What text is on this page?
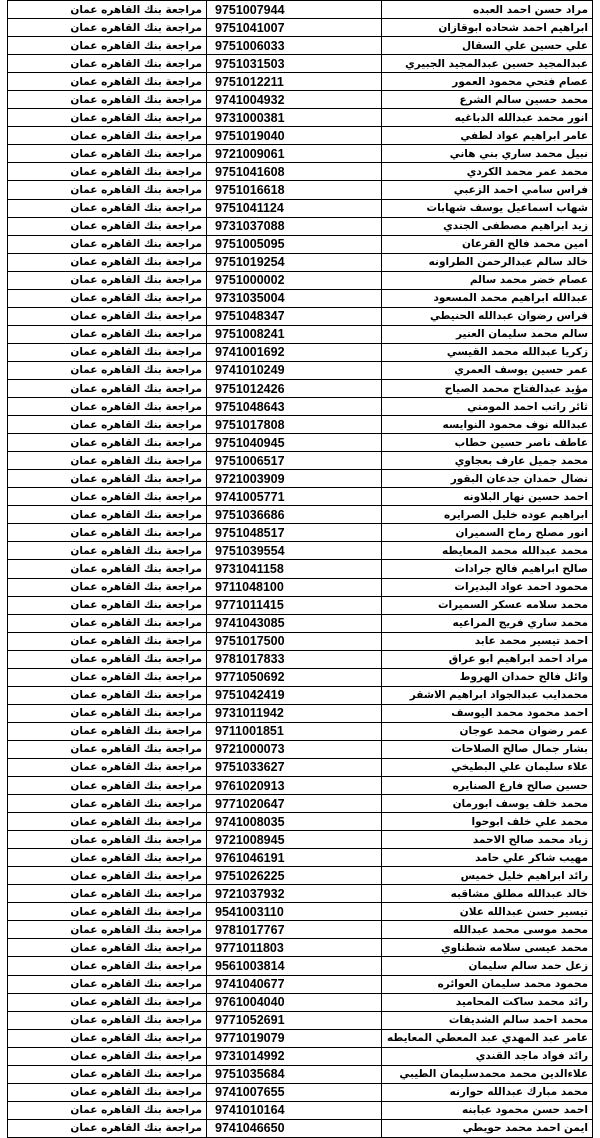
مراجعة بنك القاهره عمان	9751007944	مراد حسن احمد العبده
مراجعة بنك القاهره عمان	9751041007	ابراهيم احمد شحاده ابوقازان
مراجعة بنك القاهره عمان	9751006033	علي حسين علي السقال
مراجعة بنك القاهره عمان	9751031503	عبدالمجيد حسين عبدالمجيد الجبيري
مراجعة بنك القاهره عمان	9751012211	عصام فتحي محمود العمور
مراجعة بنك القاهره عمان	9741004932	محمد حسين سالم الشرع
مراجعة بنك القاهره عمان	9731000381	انور محمد عبدالله الدباغيه
مراجعة بنك القاهره عمان	9751019040	عامر ابراهيم عواد لطفي
مراجعة بنك القاهره عمان	9721009061	نبيل محمد ساري بني هاني
مراجعة بنك القاهره عمان	9751041608	محمد عمر محمد الكردي
مراجعة بنك القاهره عمان	9751016618	فراس سامي احمد الزعبي
مراجعة بنك القاهره عمان	9751041124	شهاب اسماعيل يوسف شهابات
مراجعة بنك القاهره عمان	9731037088	زيد ابراهيم مصطفى الجندي
مراجعة بنك القاهره عمان	9751005095	امين محمد فالح القرعان
مراجعة بنك القاهره عمان	9751019254	خالد سالم عبدالرحمن الطراونه
مراجعة بنك القاهره عمان	9751000002	عصام خضر محمد سالم
مراجعة بنك القاهره عمان	9731035004	عبدالله ابراهيم محمد المسعود
مراجعة بنك القاهره عمان	9751048347	فراس رضوان عبدالله الحنيطي
مراجعة بنك القاهره عمان	9751008241	سالم محمد سليمان العنير
مراجعة بنك القاهره عمان	9741001692	زكريا عبدالله محمد القيسي
مراجعة بنك القاهره عمان	9741010249	عمر حسين يوسف العمري
مراجعة بنك القاهره عمان	9751012426	مؤيد عبدالفتاح محمد الصياح
مراجعة بنك القاهره عمان	9751048643	ثائر راتب احمد المومني
مراجعة بنك القاهره عمان	9751017808	عبدالله نوف محمود النوايسه
مراجعة بنك القاهره عمان	9751040945	عاطف ناصر حسين حطاب
مراجعة بنك القاهره عمان	9751006517	محمد جميل عارف بعجاوي
مراجعة بنك القاهره عمان	9721003909	نضال حمدان جدعان البقور
مراجعة بنك القاهره عمان	9741005771	احمد حسين نهار البلاونه
مراجعة بنك القاهره عمان	9751036686	ابراهيم عوده خليل الصرايره
مراجعة بنك القاهره عمان	9751048517	انور مصلح رماح السميران
مراجعة بنك القاهره عمان	9751039554	محمد عبدالله محمد المعايطه
مراجعة بنك القاهره عمان	9731041158	صالح ابراهيم فالح جرادات
مراجعة بنك القاهره عمان	9711048100	محمود احمد عواد البديرات
مراجعة بنك القاهره عمان	9771011415	محمد سلامه عسكر السميرات
مراجعة بنك القاهره عمان	9741043085	محمد ساري فريج المراعيه
مراجعة بنك القاهره عمان	9751017500	احمد تيسير محمد عابد
مراجعة بنك القاهره عمان	9781017833	مراد احمد ابراهيم ابو عراق
مراجعة بنك القاهره عمان	9771050692	وائل فالح حمدان الهروط
مراجعة بنك القاهره عمان	9751042419	محمدايب عبدالجواد ابراهيم الاشقر
مراجعة بنك القاهره عمان	9731011942	احمد محمود محمد اليوسف
مراجعة بنك القاهره عمان	9711001851	عمر رضوان محمد عوجان
مراجعة بنك القاهره عمان	9721000073	بشار جمال صالح الصلاحات
مراجعة بنك القاهره عمان	9751033627	علاء سليمان علي البطيخي
مراجعة بنك القاهره عمان	9761020913	حسين صالح فارع الصنايره
مراجعة بنك القاهره عمان	9771020647	محمد خلف يوسف ابورمان
مراجعة بنك القاهره عمان	9741008035	محمد علي خلف ابوحوا
مراجعة بنك القاهره عمان	9721008945	زياد محمد صالح الاحمد
مراجعة بنك القاهره عمان	9761046191	مهيب شاكر علي حامد
مراجعة بنك القاهره عمان	9751026225	رائد ابراهيم خليل خميس
مراجعة بنك القاهره عمان	9721037932	خالد عبدالله مطلق مشاقبه
مراجعة بنك القاهره عمان	9541003110	تيسير حسن عبدالله علان
مراجعة بنك القاهره عمان	9781017767	محمد موسى محمد عبدالله
مراجعة بنك القاهره عمان	9771011803	محمد عيسى سلامه شطناوي
مراجعة بنك القاهره عمان	9561003814	زعل حمد سالم سليمان
مراجعة بنك القاهره عمان	9741040677	محمود محمد سليمان العوائره
مراجعة بنك القاهره عمان	9761004040	رائد محمد ساكت المحاميد
مراجعة بنك القاهره عمان	9771052691	محمد احمد سالم الشديفات
مراجعة بنك القاهره عمان	9771019079	عامر عبد المهدي عبد المعطي المعايطه
مراجعة بنك القاهره عمان	9731014992	رائد فواد ماجد القندي
مراجعة بنك القاهره عمان	9751035684	علاءالدين محمد محمدسليمان الطيبي
مراجعة بنك القاهره عمان	9741007655	محمد مبارك عبدالله حوارنه
مراجعة بنك القاهره عمان	9741010164	احمد حسن محمود عبابنه
مراجعة بنك القاهره عمان	9741046650	ايمن احمد محمد حويطي
